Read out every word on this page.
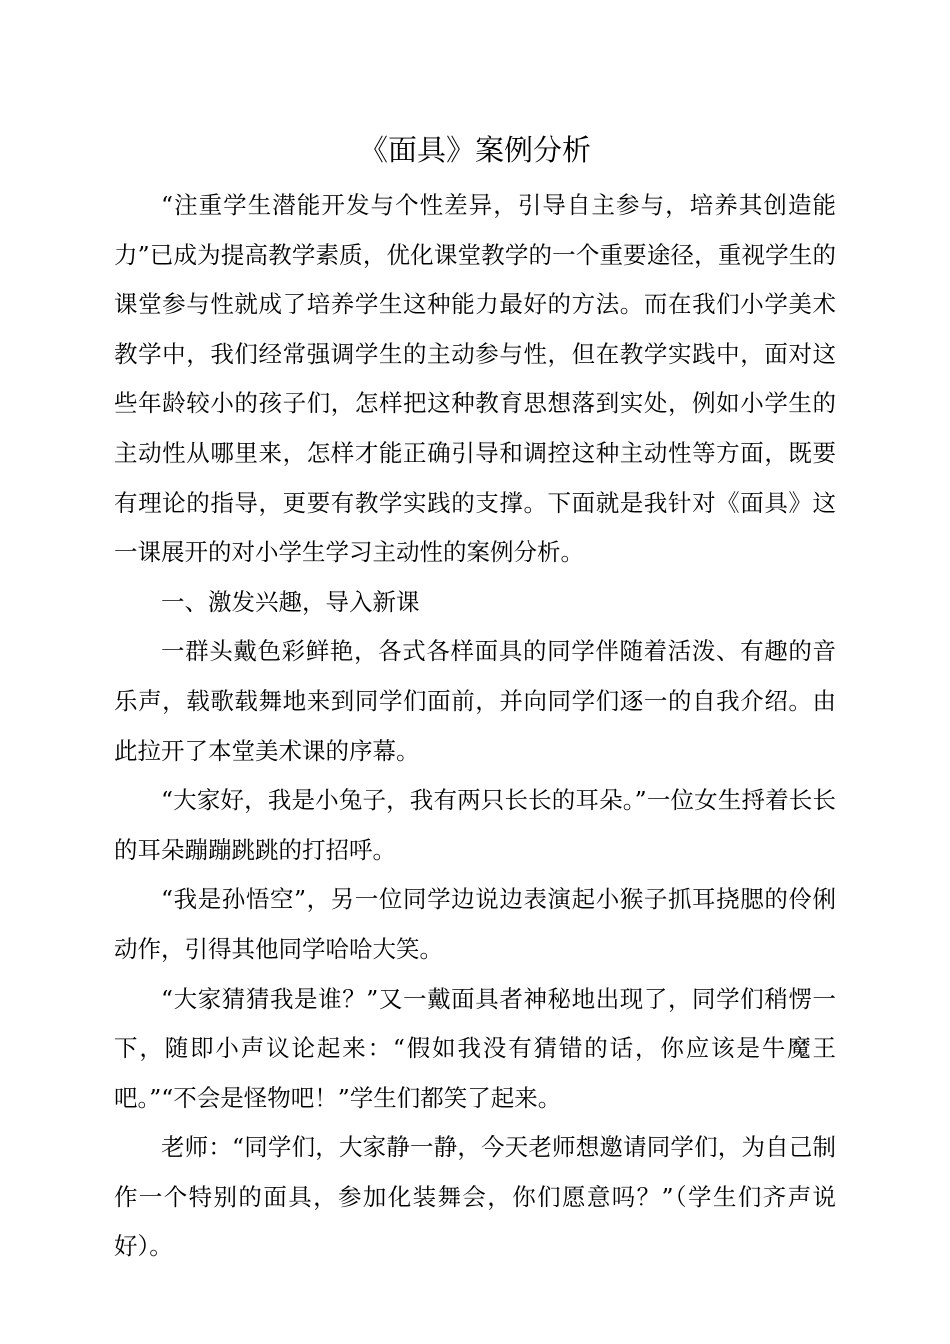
《面具》案例分析

“注重学生潜能开发与个性差异，引导自主参与，培养其创造能力”已成为提高教学素质，优化课堂教学的一个重要途径，重视学生的课堂参与性就成了培养学生这种能力最好的方法。而在我们小学美术教学中，我们经常强调学生的主动参与性，但在教学实践中，面对这些年龄较小的孩子们，怎样把这种教育思想落到实处，例如小学生的主动性从哪里来，怎样才能正确引导和调控这种主动性等方面，既要有理论的指导，更要有教学实践的支撑。下面就是我针对《面具》这一课展开的对小学生学习主动性的案例分析。

一、激发兴趣，导入新课

一群头戴色彩鲜艳，各式各样面具的同学伴随着活泼、有趣的音乐声，载歌载舞地来到同学们面前，并向同学们逐一的自我介绍。由此拉开了本堂美术课的序幕。

“大家好，我是小兔子，我有两只长长的耳朵。”一位女生捋着长长的耳朵蹦蹦跳跳的打招呼。

“我是孙悟空”，另一位同学边说边表演起小猴子抓耳挠腮的伶俐动作，引得其他同学哈哈大笑。

“大家猜猜我是谁？”又一戴面具者神秘地出现了，同学们稍愣一下，随即小声议论起来：“假如我没有猜错的话，你应该是牛魔王吧。”“不会是怪物吧！”学生们都笑了起来。

老师：“同学们，大家静一静，今天老师想邀请同学们，为自己制作一个特别的面具，参加化装舞会，你们愿意吗？”（学生们齐声说好）。
